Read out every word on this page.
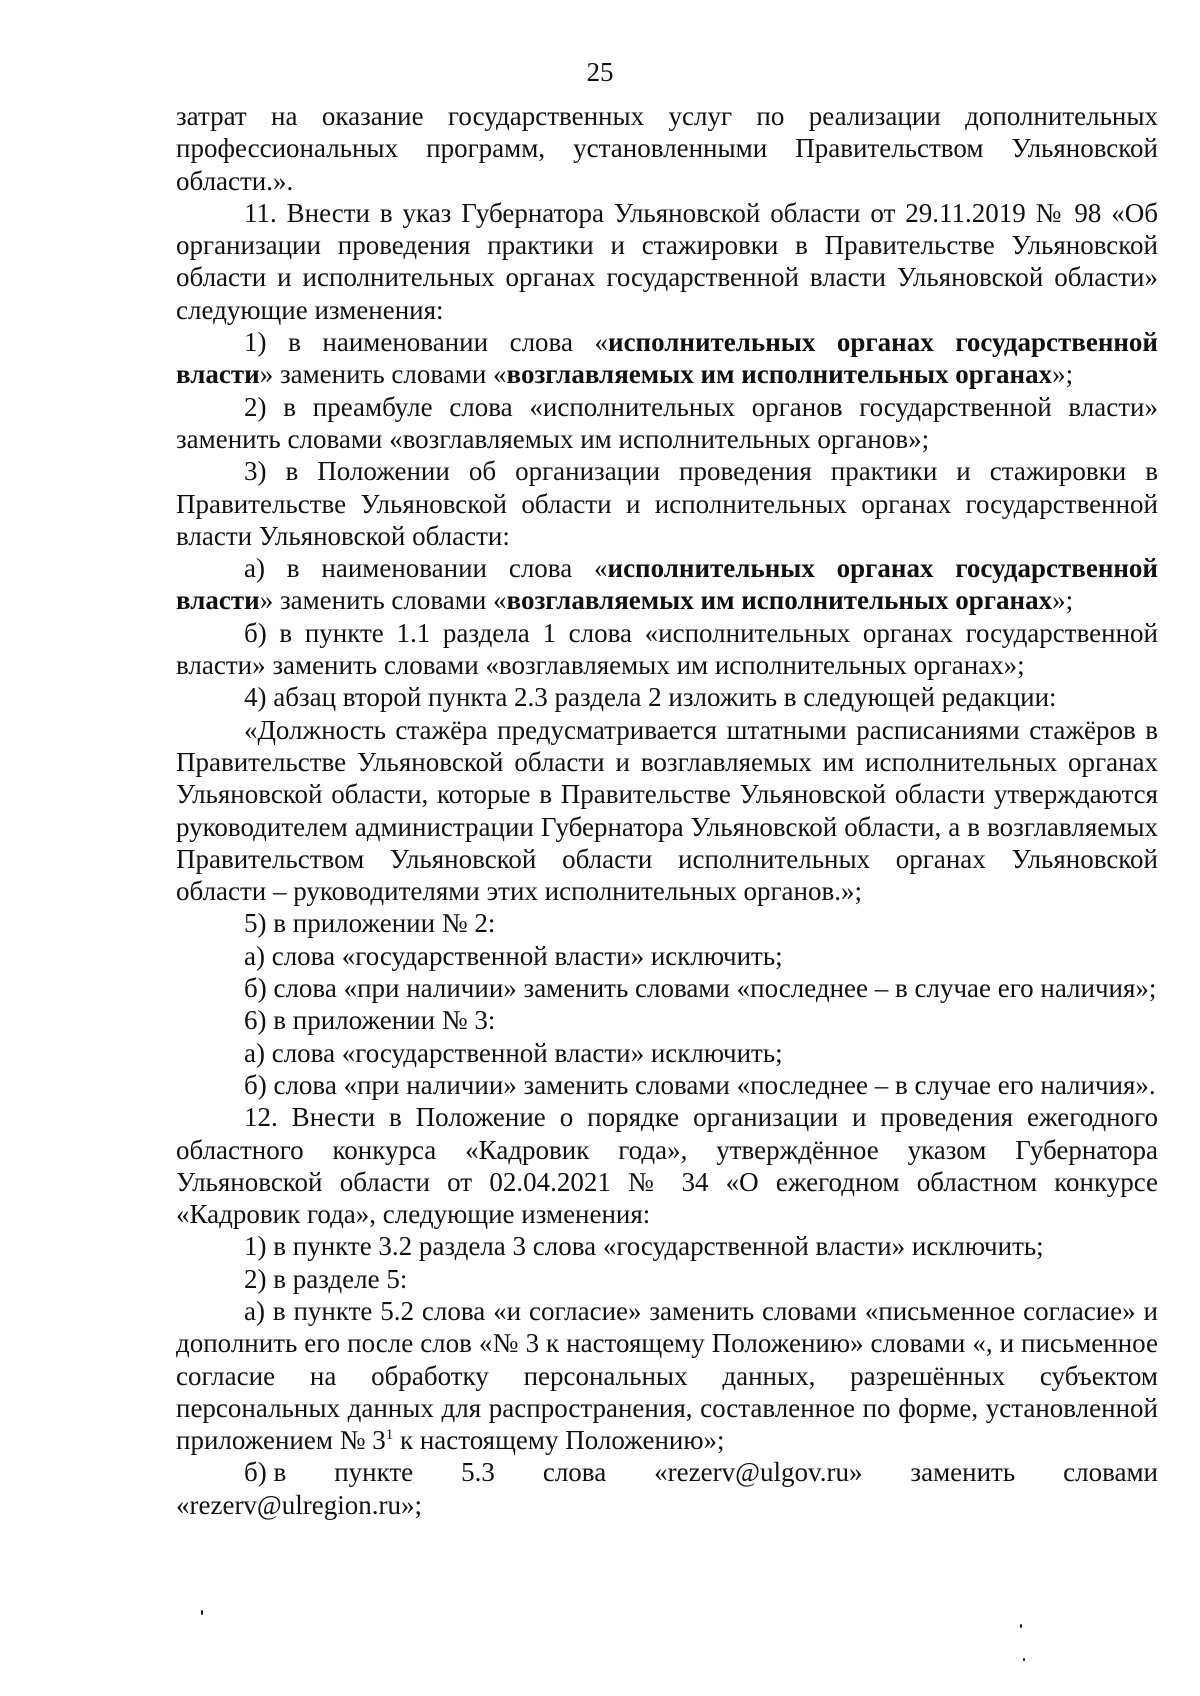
25

затрат на оказание государственных услуг по реализации дополнительных профессиональных программ, установленными Правительством Ульяновской области.».

11. Внести в указ Губернатора Ульяновской области от 29.11.2019 № 98 «Об организации проведения практики и стажировки в Правительстве Ульяновской области и исполнительных органах государственной власти Ульяновской области» следующие изменения:

1) в наименовании слова «исполнительных органах государственной власти» заменить словами «возглавляемых им исполнительных органах»;

2) в преамбуле слова «исполнительных органов государственной власти» заменить словами «возглавляемых им исполнительных органов»;

3) в Положении об организации проведения практики и стажировки в Правительстве Ульяновской области и исполнительных органах государственной власти Ульяновской области:

а) в наименовании слова «исполнительных органах государственной власти» заменить словами «возглавляемых им исполнительных органах»;

б) в пункте 1.1 раздела 1 слова «исполнительных органах государственной власти» заменить словами «возглавляемых им исполнительных органах»;

4) абзац второй пункта 2.3 раздела 2 изложить в следующей редакции:

«Должность стажёра предусматривается штатными расписаниями стажёров в Правительстве Ульяновской области и возглавляемых им исполнительных органах Ульяновской области, которые в Правительстве Ульяновской области утверждаются руководителем администрации Губернатора Ульяновской области, а в возглавляемых Правительством Ульяновской области исполнительных органах Ульяновской области – руководителями этих исполнительных органов.»;

5) в приложении № 2:

а) слова «государственной власти» исключить;

б) слова «при наличии» заменить словами «последнее – в случае его наличия»;

6) в приложении № 3:

а) слова «государственной власти» исключить;

б) слова «при наличии» заменить словами «последнее – в случае его наличия».

12. Внести в Положение о порядке организации и проведения ежегодного областного конкурса «Кадровик года», утверждённое указом Губернатора Ульяновской области от 02.04.2021 № 34 «О ежегодном областном конкурсе «Кадровик года», следующие изменения:

1) в пункте 3.2 раздела 3 слова «государственной власти» исключить;

2) в разделе 5:

а) в пункте 5.2 слова «и согласие» заменить словами «письменное согласие» и дополнить его после слов «№ 3 к настоящему Положению» словами «, и письменное согласие на обработку персональных данных, разрешённых субъектом персональных данных для распространения, составленное по форме, установленной приложением № $3^1$ к настоящему Положению»;

б) в пункте 5.3 слова «rezerv@ulgov.ru» заменить словами

«rezerv@ulregion.ru»;
